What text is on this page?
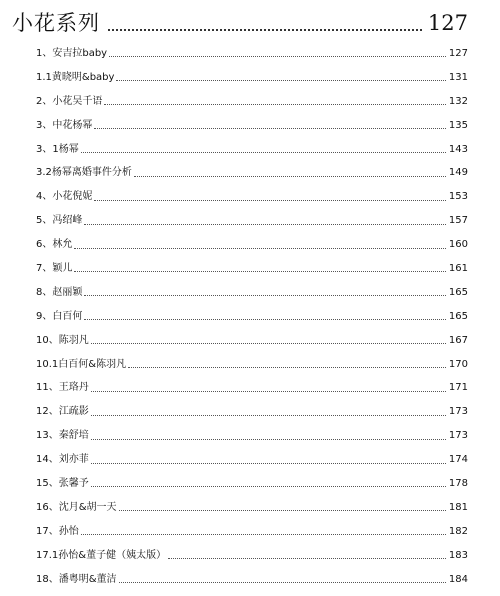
小花系列	127
1、安吉拉baby	127
1.1黄晓明&baby	131
2、小花吴千语	132
3、中花杨幂	135
3、1杨幂	143
3.2杨幂离婚事件分析	149
4、小花倪妮	153
5、冯绍峰	157
6、林允	160
7、颖儿	161
8、赵丽颖	165
9、白百何	165
10、陈羽凡	167
10.1白百何&陈羽凡	170
11、王珞丹	171
12、江疏影	173
13、秦舒培	173
14、刘亦菲	174
15、张馨予	178
16、沈月&胡一天	181
17、孙怡	182
17.1孙怡&董子健（姨太版）	183
18、潘粤明&董洁	184
